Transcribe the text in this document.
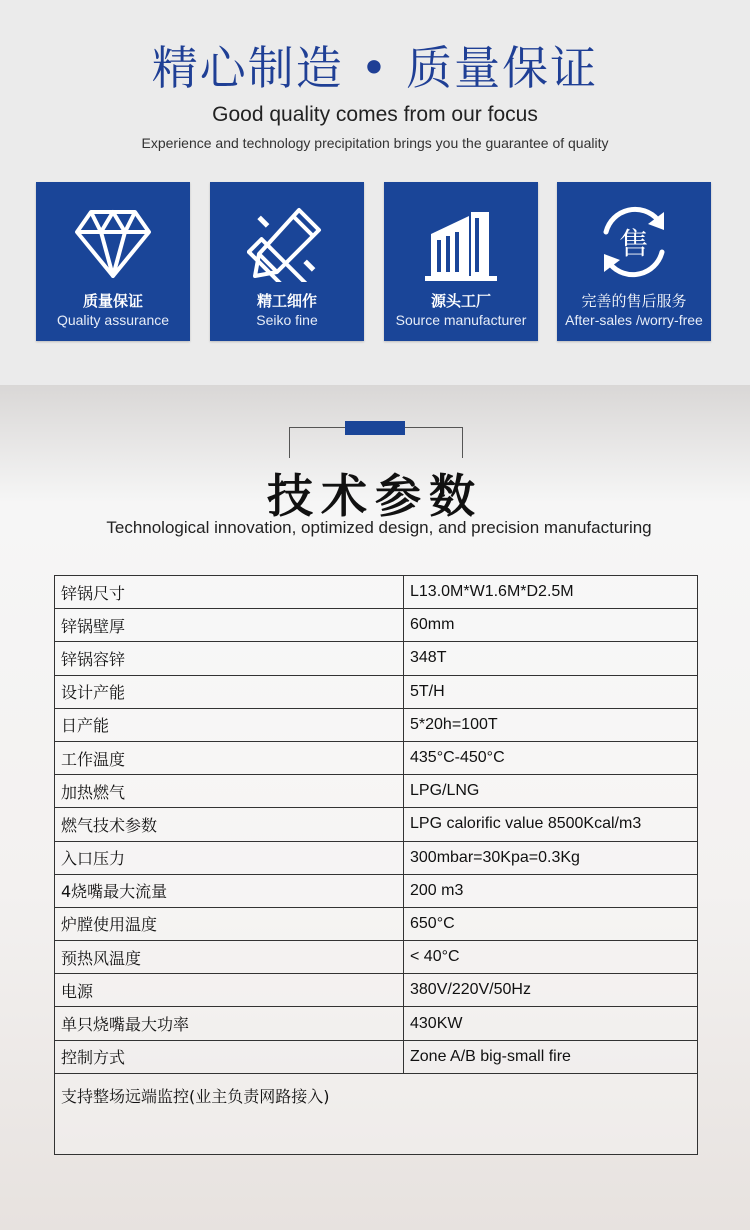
精心制造 • 质量保证
Good quality comes from our focus
Experience and technology precipitation brings you the guarantee of quality
质量保证
Quality assurance
精工细作
Seiko fine
源头工厂
Source manufacturer
售
完善的售后服务
After-sales /worry-free
技术参数
Technological innovation, optimized design, and precision manufacturing
锌锅尺寸	L13.0M*W1.6M*D2.5M
锌锅壁厚	60mm
锌锅容锌	348T
设计产能	5T/H
日产能	5*20h=100T
工作温度	435°C-450°C
加热燃气	LPG/LNG
燃气技术参数	LPG calorific value 8500Kcal/m3
入口压力	300mbar=30Kpa=0.3Kg
4烧嘴最大流量	200 m3
炉膛使用温度	650°C
预热风温度	< 40°C
电源	380V/220V/50Hz
单只烧嘴最大功率	430KW
控制方式	Zone A/B big-small fire
支持整场远端监控(业主负责网路接入)	
